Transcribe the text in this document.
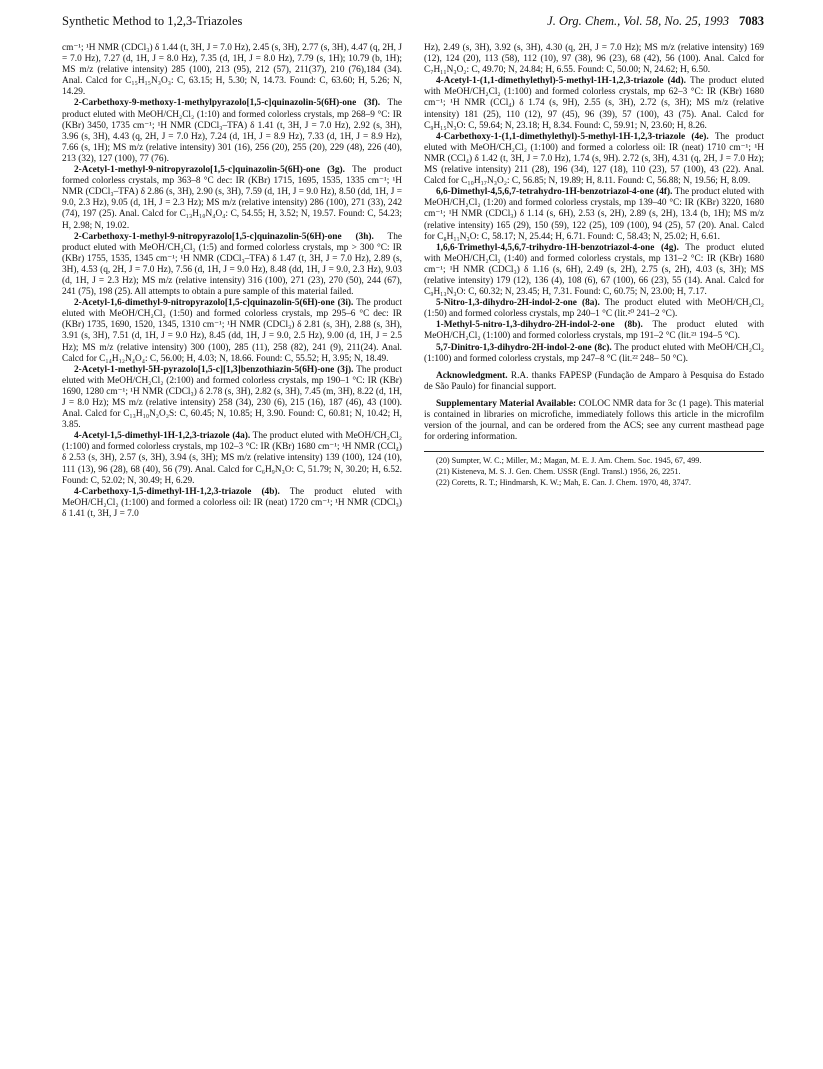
Synthetic Method to 1,2,3-Triazoles	J. Org. Chem., Vol. 58, No. 25, 1993 7083

cm⁻¹; ¹H NMR (CDCl₃) δ 1.44 (t, 3H, J = 7.0 Hz), 2.45 (s, 3H), 2.77 (s, 3H), 4.47 (q, 2H, J = 7.0 Hz), 7.27 (d, 1H, J = 8.0 Hz), 7.35 (d, 1H, J = 8.0 Hz), 7.79 (s, 1H); 10.79 (b, 1H); MS m/z (relative intensity) 285 (100), 213 (95), 212 (57), 211(37), 210 (76),184 (34). Anal. Calcd for C₁₅H₁₅N₃O₃: C, 63.15; H, 5.30; N, 14.73. Found: C, 63.60; H, 5.26; N, 14.29.

2-Carbethoxy-9-methoxy-1-methylpyrazolo[1,5-c]quinazolin-5(6H)-one (3f). The product eluted with MeOH/CH₂Cl₂ (1:10) and formed colorless crystals, mp 268–9 °C: IR (KBr) 3450, 1735 cm⁻¹; ¹H NMR (CDCl₃–TFA) δ 1.41 (t, 3H, J = 7.0 Hz), 2.92 (s, 3H), 3.96 (s, 3H), 4.43 (q, 2H, J = 7.0 Hz), 7.24 (d, 1H, J = 8.9 Hz), 7.33 (d, 1H, J = 8.9 Hz), 7.66 (s, 1H); MS m/z (relative intensity) 301 (16), 256 (20), 255 (20), 229 (48), 226 (40), 213 (32), 127 (100), 77 (76).

2-Acetyl-1-methyl-9-nitropyrazolo[1,5-c]quinazolin-5(6H)-one (3g). The product formed colorless crystals, mp 363–8 °C dec: IR (KBr) 1715, 1695, 1535, 1335 cm⁻¹; ¹H NMR (CDCl₃–TFA) δ 2.86 (s, 3H), 2.90 (s, 3H), 7.59 (d, 1H, J = 9.0 Hz), 8.50 (dd, 1H, J = 9.0, 2.3 Hz), 9.05 (d, 1H, J = 2.3 Hz); MS m/z (relative intensity) 286 (100), 271 (33), 242 (74), 197 (25). Anal. Calcd for C₁₃H₁₀N₄O₄: C, 54.55; H, 3.52; N, 19.57. Found: C, 54.23; H, 2.98; N, 19.02.

2-Carbethoxy-1-methyl-9-nitropyrazolo[1,5-c]quinazolin-5(6H)-one (3h). The product eluted with MeOH/CH₂Cl₂ (1:5) and formed colorless crystals, mp > 300 °C: IR (KBr) 1755, 1535, 1345 cm⁻¹; ¹H NMR (CDCl₃–TFA) δ 1.47 (t, 3H, J = 7.0 Hz), 2.89 (s, 3H), 4.53 (q, 2H, J = 7.0 Hz), 7.56 (d, 1H, J = 9.0 Hz), 8.48 (dd, 1H, J = 9.0, 2.3 Hz), 9.03 (d, 1H, J = 2.3 Hz); MS m/z (relative intensity) 316 (100), 271 (23), 270 (50), 244 (67), 241 (75), 198 (25). All attempts to obtain a pure sample of this material failed.

2-Acetyl-1,6-dimethyl-9-nitropyrazolo[1,5-c]quinazolin-5(6H)-one (3i). The product eluted with MeOH/CH₂Cl₂ (1:50) and formed colorless crystals, mp 295–6 °C dec: IR (KBr) 1735, 1690, 1520, 1345, 1310 cm⁻¹; ¹H NMR (CDCl₃) δ 2.81 (s, 3H), 2.88 (s, 3H), 3.91 (s, 3H), 7.51 (d, 1H, J = 9.0 Hz), 8.45 (dd, 1H, J = 9.0, 2.5 Hz), 9.00 (d, 1H, J = 2.5 Hz); MS m/z (relative intensity) 300 (100), 285 (11), 258 (82), 241 (9), 211(24). Anal. Calcd for C₁₄H₁₂N₄O₄: C, 56.00; H, 4.03; N, 18.66. Found: C, 55.52; H, 3.95; N, 18.49.

2-Acetyl-1-methyl-5H-pyrazolo[1,5-c][1,3]benzothiazin-5(6H)-one (3j). The product eluted with MeOH/CH₂Cl₂ (2:100) and formed colorless crystals, mp 190–1 °C: IR (KBr) 1690, 1280 cm⁻¹; ¹H NMR (CDCl₃) δ 2.78 (s, 3H), 2.82 (s, 3H), 7.45 (m, 3H), 8.22 (d, 1H, J = 8.0 Hz); MS m/z (relative intensity) 258 (34), 230 (6), 215 (16), 187 (46), 43 (100). Anal. Calcd for C₁₃H₁₀N₂O₂S: C, 60.45; N, 10.85; H, 3.90. Found: C, 60.81; N, 10.42; H, 3.85.

4-Acetyl-1,5-dimethyl-1H-1,2,3-triazole (4a). The product eluted with MeOH/CH₂Cl₂ (1:100) and formed colorless crystals, mp 102–3 °C: IR (KBr) 1680 cm⁻¹; ¹H NMR (CCl₄) δ 2.53 (s, 3H), 2.57 (s, 3H), 3.94 (s, 3H); MS m/z (relative intensity) 139 (100), 124 (10), 111 (13), 96 (28), 68 (40), 56 (79). Anal. Calcd for C₆H₉N₃O: C, 51.79; N, 30.20; H, 6.52. Found: C, 52.02; N, 30.49; H, 6.29.

4-Carbethoxy-1,5-dimethyl-1H-1,2,3-triazole (4b). The product eluted with MeOH/CH₂Cl₂ (1:100) and formed a colorless oil: IR (neat) 1720 cm⁻¹; ¹H NMR (CDCl₃) δ 1.41 (t, 3H, J = 7.0

Hz), 2.49 (s, 3H), 3.92 (s, 3H), 4.30 (q, 2H, J = 7.0 Hz); MS m/z (relative intensity) 169 (12), 124 (20), 113 (58), 112 (10), 97 (38), 96 (23), 68 (42), 56 (100). Anal. Calcd for C₇H₁₁N₃O₂: C, 49.70; N, 24.84; H, 6.55. Found: C, 50.00; N, 24.62; H, 6.50.

4-Acetyl-1-(1,1-dimethylethyl)-5-methyl-1H-1,2,3-triazole (4d). The product eluted with MeOH/CH₂Cl₂ (1:100) and formed colorless crystals, mp 62–3 °C: IR (KBr) 1680 cm⁻¹; ¹H NMR (CCl₄) δ 1.74 (s, 9H), 2.55 (s, 3H), 2.72 (s, 3H); MS m/z (relative intensity) 181 (25), 110 (12), 97 (45), 96 (39), 57 (100), 43 (75). Anal. Calcd for C₉H₁₅N₃O: C, 59.64; N, 23.18; H, 8.34. Found: C, 59.91; N, 23.60; H, 8.26.

4-Carbethoxy-1-(1,1-dimethylethyl)-5-methyl-1H-1,2,3-triazole (4e). The product eluted with MeOH/CH₂Cl₂ (1:100) and formed a colorless oil: IR (neat) 1710 cm⁻¹; ¹H NMR (CCl₄) δ 1.42 (t, 3H, J = 7.0 Hz), 1.74 (s, 9H). 2.72 (s, 3H), 4.31 (q, 2H, J = 7.0 Hz); MS (relative intensity) 211 (28), 196 (34), 127 (18), 110 (23), 57 (100), 43 (22). Anal. Calcd for C₁₀H₁₇N₃O₂: C, 56.85; N, 19.89; H, 8.11. Found: C, 56.88; N, 19.56; H, 8.09.

6,6-Dimethyl-4,5,6,7-tetrahydro-1H-benzotriazol-4-one (4f). The product eluted with MeOH/CH₂Cl₂ (1:20) and formed colorless crystals, mp 139–40 °C: IR (KBr) 3220, 1680 cm⁻¹; ¹H NMR (CDCl₃) δ 1.14 (s, 6H), 2.53 (s, 2H), 2.89 (s, 2H), 13.4 (b, 1H); MS m/z (relative intensity) 165 (29), 150 (59), 122 (25), 109 (100), 94 (25), 57 (20). Anal. Calcd for C₈H₁₁N₃O: C, 58.17; N, 25.44; H, 6.71. Found: C, 58.43; N, 25.02; H, 6.61.

1,6,6-Trimethyl-4,5,6,7-trihydro-1H-benzotriazol-4-one (4g). The product eluted with MeOH/CH₂Cl₂ (1:40) and formed colorless crystals, mp 131–2 °C: IR (KBr) 1680 cm⁻¹; ¹H NMR (CDCl₃) δ 1.16 (s, 6H), 2.49 (s, 2H), 2.75 (s, 2H), 4.03 (s, 3H); MS (relative intensity) 179 (12), 136 (4), 108 (6), 67 (100), 66 (23), 55 (14). Anal. Calcd for C₉H₁₃N₃O: C, 60.32; N, 23.45; H, 7.31. Found: C, 60.75; N, 23.00; H, 7.17.

5-Nitro-1,3-dihydro-2H-indol-2-one (8a). The product eluted with MeOH/CH₂Cl₂ (1:50) and formed colorless crystals, mp 240–1 °C (lit.²⁰ 241–2 °C).

1-Methyl-5-nitro-1,3-dihydro-2H-indol-2-one (8b). The product eluted with MeOH/CH₂Cl₂ (1:100) and formed colorless crystals, mp 191–2 °C (lit.²¹ 194–5 °C).

5,7-Dinitro-1,3-dihydro-2H-indol-2-one (8c). The product eluted with MeOH/CH₂Cl₂ (1:100) and formed colorless crystals, mp 247–8 °C (lit.²² 248– 50 °C).

Acknowledgment. R.A. thanks FAPESP (Fundação de Amparo à Pesquisa do Estado de São Paulo) for financial support.

Supplementary Material Available: COLOC NMR data for 3c (1 page). This material is contained in libraries on microfiche, immediately follows this article in the microfilm version of the journal, and can be ordered from the ACS; see any current masthead page for ordering information.

(20) Sumpter, W. C.; Miller, M.; Magan, M. E. J. Am. Chem. Soc. 1945, 67, 499.

(21) Kisteneva, M. S. J. Gen. Chem. USSR (Engl. Transl.) 1956, 26, 2251.

(22) Coretts, R. T.; Hindmarsh, K. W.; Mah, E. Can. J. Chem. 1970, 48, 3747.
